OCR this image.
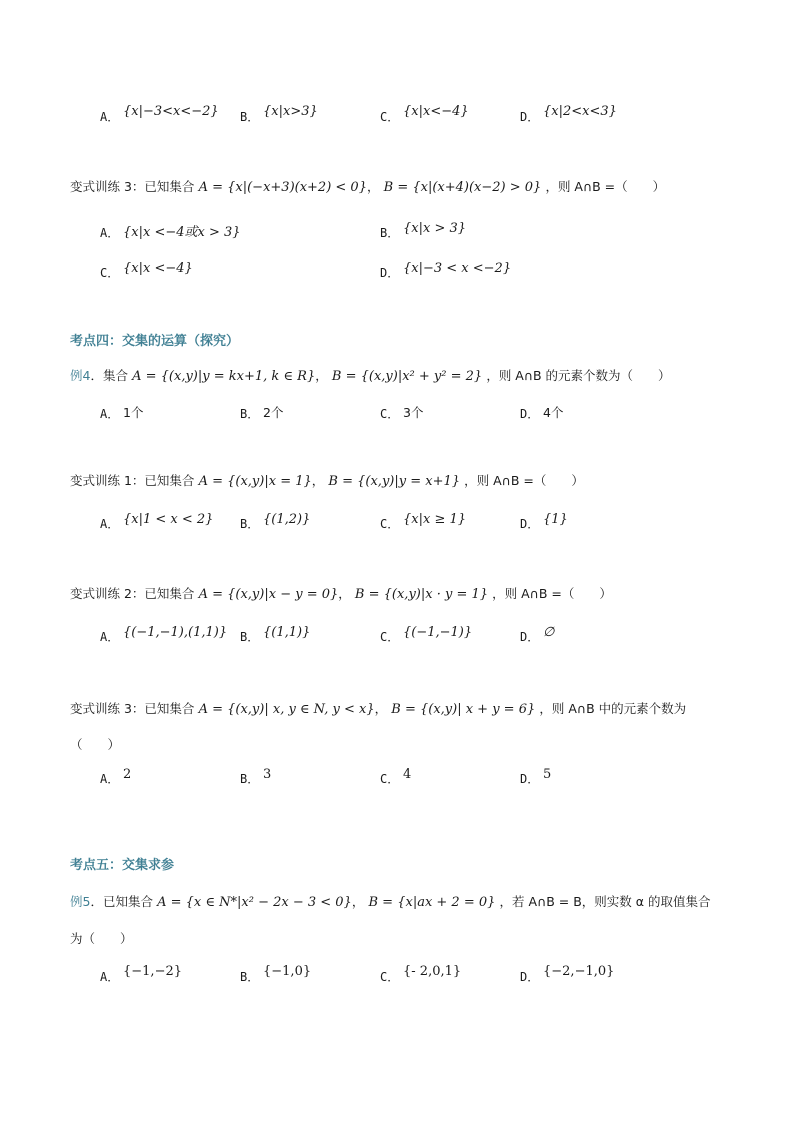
A． {x|−3<x<−2} B． {x|x>3}	C． {x|x<−4}	D． {x|2<x<3}
变式训练 3：已知集合 A = {x|(−x+3)(x+2) < 0}， B = {x|(x+4)(x−2) > 0} ，则 A∩B =（　　）
A． {x|x <−4或x > 3}	B． {x|x > 3}
C． {x|x <−4}	D． {x|−3 < x <−2}
考点四：交集的运算（探究）
例4．集合 A = {(x,y)|y = kx+1, k ∈ R}， B = {(x,y)|x² + y² = 2} ，则 A∩B 的元素个数为（　　）
A． 1个	B． 2个	C． 3个	D． 4个
变式训练 1：已知集合 A = {(x,y)|x = 1}， B = {(x,y)|y = x+1} ，则 A∩B =（　　）
A． {x|1 < x < 2} B． {(1,2)}	C． {x|x ≥ 1}	D． {1}
变式训练 2：已知集合 A = {(x,y)|x − y = 0}， B = {(x,y)|x · y = 1} ，则 A∩B =（　　）
A． {(−1,−1),(1,1)} B． {(1,1)}	C． {(−1,−1)}	D． ∅
变式训练 3：已知集合 A = {(x,y)| x, y ∈ N, y < x}， B = {(x,y)| x + y = 6} ，则 A∩B 中的元素个数为
（　　）
A． 2	B． 3	C． 4	D． 5
考点五：交集求参
例5．已知集合 A = {x ∈ N*|x² − 2x − 3 < 0}， B = {x|ax + 2 = 0} ，若 A∩B = B，则实数 α 的取值集合
为（　　）
A． {−1,−2}	B． {−1,0}	C． {- 2,0,1}	D． {−2,−1,0}
